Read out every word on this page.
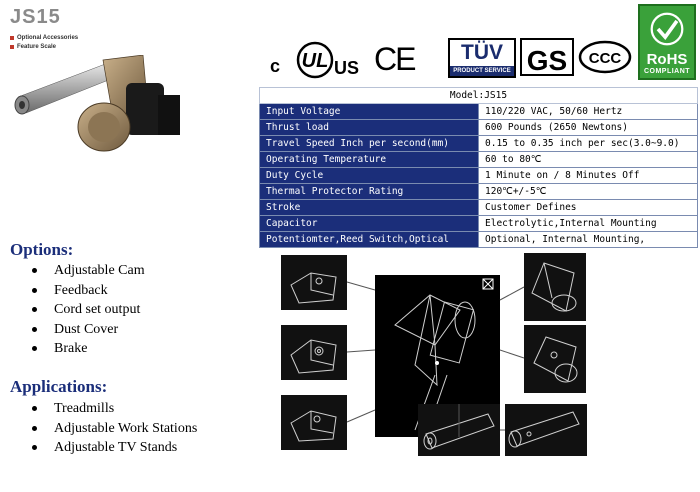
JS15
Optional Accessories
Feature Scale
c UL US CE	TÜV
PRODUCT SERVICE GS CCC	RoHS
COMPLIANT
Model:JS15	
Input Voltage	110/220 VAC, 50/60 Hertz
Thrust load	600 Pounds (2650 Newtons)
Travel Speed Inch per second(mm)	0.15 to 0.35 inch per sec(3.0~9.0)
Operating Temperature	60 to 80℃
Duty Cycle	1 Minute on / 8 Minutes Off
Thermal Protector Rating	120℃+/-5℃
Stroke	Customer Defines
Capacitor	Electrolytic,Internal Mounting
Potentiomter,Reed Switch,Optical	Optional, Internal Mounting,
Options:
Adjustable Cam
Feedback
Cord set output
Dust Cover
Brake
Applications:
Treadmills
Adjustable Work Stations
Adjustable TV Stands
